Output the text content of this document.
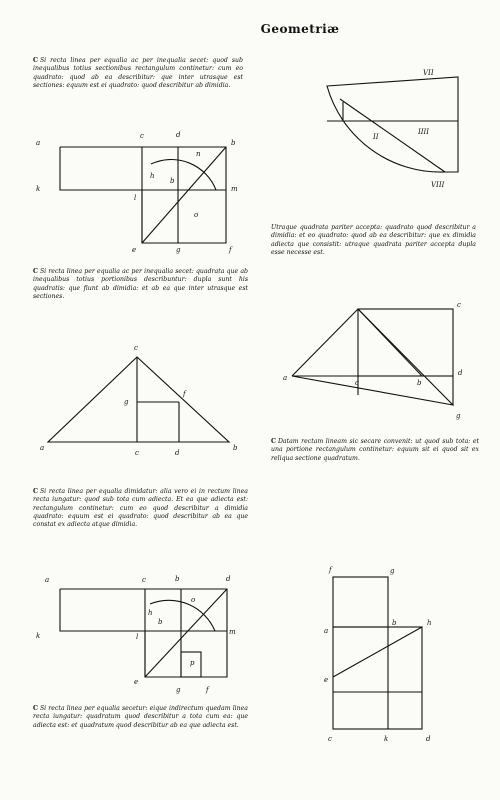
Geometriæ
C Si recta linea per equalia ac per inequalia secet: quod sub inequalibus totius sectionibus rectangulum continetur: cum eo quadrato: quod ab ea describitur: que inter utrasque est sectiones: equum est ei quadrato: quod describitur ab dimidia.
C Si recta linea per equalia ac per inequalia secet: quadrata que ab inequalibus totius portionibus describuntur: dupla sunt his quadratis: que fiunt ab dimidia: et ab ea que inter utrasque est sectiones.
C Si recta linea per equalia dimidatur: alia vero ei in rectum linea recta iungatur: quod sub tota cum adiecta. Et ea que adiecta est: rectangulum continetur: cum eo quod describitur a dimidia quadrato: equum est ei quadrato: quod describitur ab ea que constat ex adiecta atque dimidia.
C Si recta linea per equalia secetur: eique indirectum quedam linea recta iungatur: quadratum quod describitur a tota cum ea: que adiecta est: et quadratum quod describitur ab ea que adiecta est.
Utraque quadrata pariter accepta: quadrato quod describitur a dimidia: et eo quadrato: quod ab ea describitur: que ex dimidia adiecta que consistit: utraque quadrata pariter accepta dupla esse necesse est.
C Datam rectam lineam sic secare convenit: ut quod sub tota: et una portione rectangulum continetur: equum sit ei quod sit ex reliqua sectione quadratum.
a
c	d
b
k
l
m
h
n
b
o
e	g	f
c
g
f
a
c	d
b
a	c	b	d
k	l
m
h
o
b
e
p
g	f
VII
II
IIII
VIII
c
a
c	b
d
g
f	g
a
b	h
e
c	k	d
